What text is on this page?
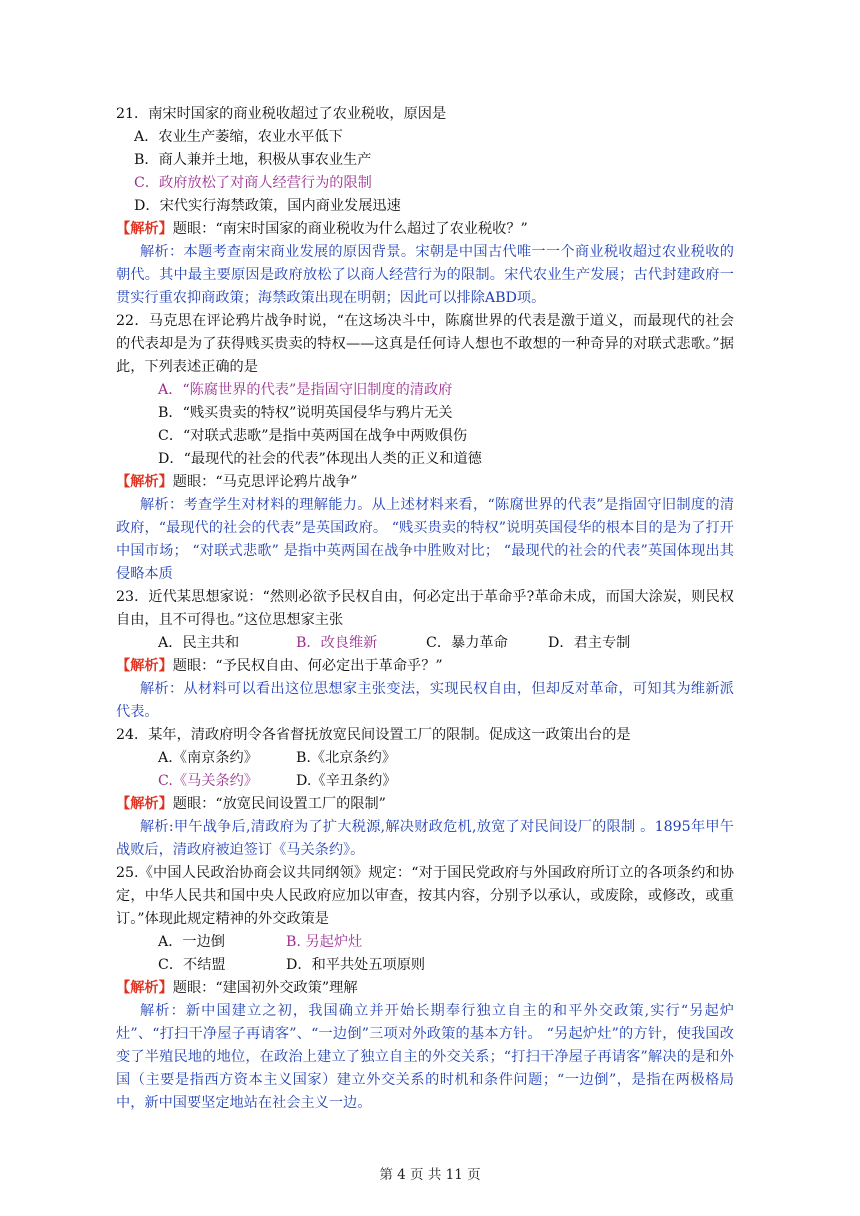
21．南宋时国家的商业税收超过了农业税收，原因是
A．农业生产萎缩，农业水平低下
B．商人兼并土地，积极从事农业生产
C．政府放松了对商人经营行为的限制
D．宋代实行海禁政策，国内商业发展迅速
【解析】题眼：“南宋时国家的商业税收为什么超过了农业税收？”
解析：本题考查南宋商业发展的原因背景。宋朝是中国古代唯一一个商业税收超过农业税收的朝代。其中最主要原因是政府放松了以商人经营行为的限制。宋代农业生产发展；古代封建政府一贯实行重农抑商政策；海禁政策出现在明朝；因此可以排除ABD项。
22．马克思在评论鸦片战争时说，“在这场决斗中，陈腐世界的代表是激于道义，而最现代的社会的代表却是为了获得贱买贵卖的特权——这真是任何诗人想也不敢想的一种奇异的对联式悲歌。”据此，下列表述正确的是
A．“陈腐世界的代表”是指固守旧制度的清政府
B．“贱买贵卖的特权”说明英国侵华与鸦片无关
C．“对联式悲歌”是指中英两国在战争中两败俱伤
D．“最现代的社会的代表”体现出人类的正义和道德
【解析】题眼：“马克思评论鸦片战争”
解析：考查学生对材料的理解能力。从上述材料来看，“陈腐世界的代表”是指固守旧制度的清政府，“最现代的社会的代表”是英国政府。 “贱买贵卖的特权”说明英国侵华的根本目的是为了打开中国市场； “对联式悲歌” 是指中英两国在战争中胜败对比； “最现代的社会的代表”英国体现出其侵略本质
23．近代某思想家说：“然则必欲予民权自由，何必定出于革命乎?革命未成，而国大涂炭，则民权自由，且不可得也。”这位思想家主张
A．民主共和	B．改良维新	C．暴力革命	D．君主专制
【解析】题眼：“予民权自由、何必定出于革命乎？”
解析：从材料可以看出这位思想家主张变法，实现民权自由，但却反对革命，可知其为维新派代表。
24．某年，清政府明令各省督抚放宽民间设置工厂的限制。促成这一政策出台的是
A.《南京条约》	B.《北京条约》
C.《马关条约》	D.《辛丑条约》
【解析】题眼：“放宽民间设置工厂的限制”
解析:甲午战争后,清政府为了扩大税源,解决财政危机,放宽了对民间设厂的限制 。1895年甲午战败后，清政府被迫签订《马关条约》。
25.《中国人民政治协商会议共同纲领》规定：“对于国民党政府与外国政府所订立的各项条约和协定，中华人民共和国中央人民政府应加以审查，按其内容，分别予以承认，或废除，或修改，或重订。”体现此规定精神的外交政策是
A．一边倒	B. 另起炉灶
C．不结盟	D．和平共处五项原则
【解析】题眼：“建国初外交政策”理解
解析：新中国建立之初，我国确立并开始长期奉行独立自主的和平外交政策,实行“另起炉灶”、“打扫干净屋子再请客”、“一边倒”三项对外政策的基本方针。 “另起炉灶”的方针，使我国改变了半殖民地的地位，在政治上建立了独立自主的外交关系；“打扫干净屋子再请客”解决的是和外国（主要是指西方资本主义国家）建立外交关系的时机和条件问题；“一边倒”，是指在两极格局中，新中国要坚定地站在社会主义一边。
第 4 页 共 11 页
